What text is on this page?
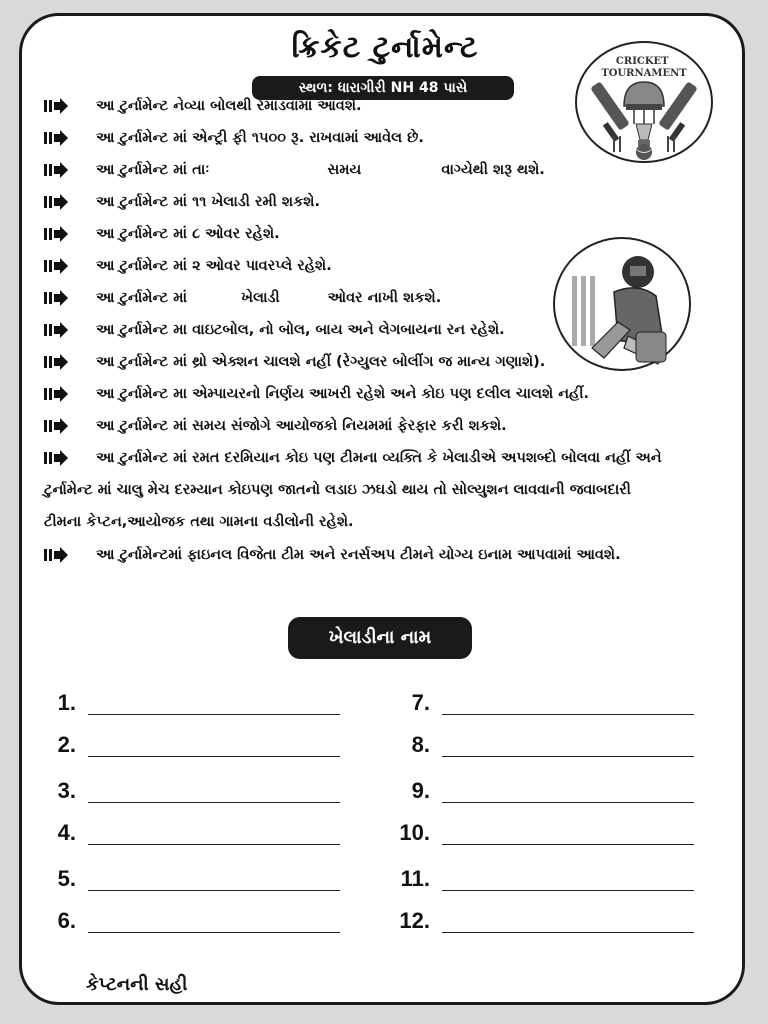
ક્રિકેટ ટુર્નામેન્ટ
સ્થળ: ધારાગીરી NH 48 પાસે
CRICKET TOURNAMENT
આ ટુર્નામેન્ટ નેવ્યા બોલથી રમાડવામાં આવશે.
આ ટુર્નામેન્ટ માં એન્ટ્રી ફી ૧૫૦૦ રૂ. રાખવામાં આવેલ છે.
આ ટુર્નામેન્ટ માં તાઃ	સમય	વાગ્યેથી શરૂ થશે.
આ ટુર્નામેન્ટ માં ૧૧ ખેલાડી રમી શકશે.
આ ટુર્નામેન્ટ માં ૮ ઓવર રહેશે.
આ ટુર્નામેન્ટ માં ૨ ઓવર પાવરપ્લે રહેશે.
આ ટુર્નામેન્ટ માં	ખેલાડી	ઓવર નાખી શકશે.
આ ટુર્નામેન્ટ મા વાઇટબોલ, નો બોલ, બાય અને લેગબાયના રન રહેશે.
આ ટુર્નામેન્ટ માં થ્રો એક્શન ચાલશે નહીં (રેગ્યુલર બોલીંગ જ માન્ય ગણાશે).
આ ટુર્નામેન્ટ મા એમ્પાયરનો નિર્ણય આખરી રહેશે અને કોઇ પણ દલીલ ચાલશે નહીં.
આ ટુર્નામેન્ટ માં સમય સંજોગે આયોજકો નિયમમાં ફેરફાર કરી શકશે.
આ ટુર્નામેન્ટ માં રમત દરમિયાન કોઇ પણ ટીમના વ્યક્તિ કે ખેલાડીએ અપશબ્દો બોલવા નહીં અને
ટુર્નામેન્ટ માં ચાલુ મેચ દરમ્યાન કોઇપણ જાતનો લડાઇ ઝઘડો થાય તો સોલ્યુશન લાવવાની જવાબદારી
ટીમના કેપ્ટન,આયોજક તથા ગામના વડીલોની રહેશે.
આ ટુર્નામેન્ટમાં ફાઇનલ વિજેતા ટીમ અને રનર્સઅપ ટીમને યોગ્ય ઇનામ આપવામાં આવશે.
ખેલાડીના નામ
1.
2.
3.
4.
5.
6.
7.
8.
9.
10.
11.
12.
કેપ્ટનની સહી
